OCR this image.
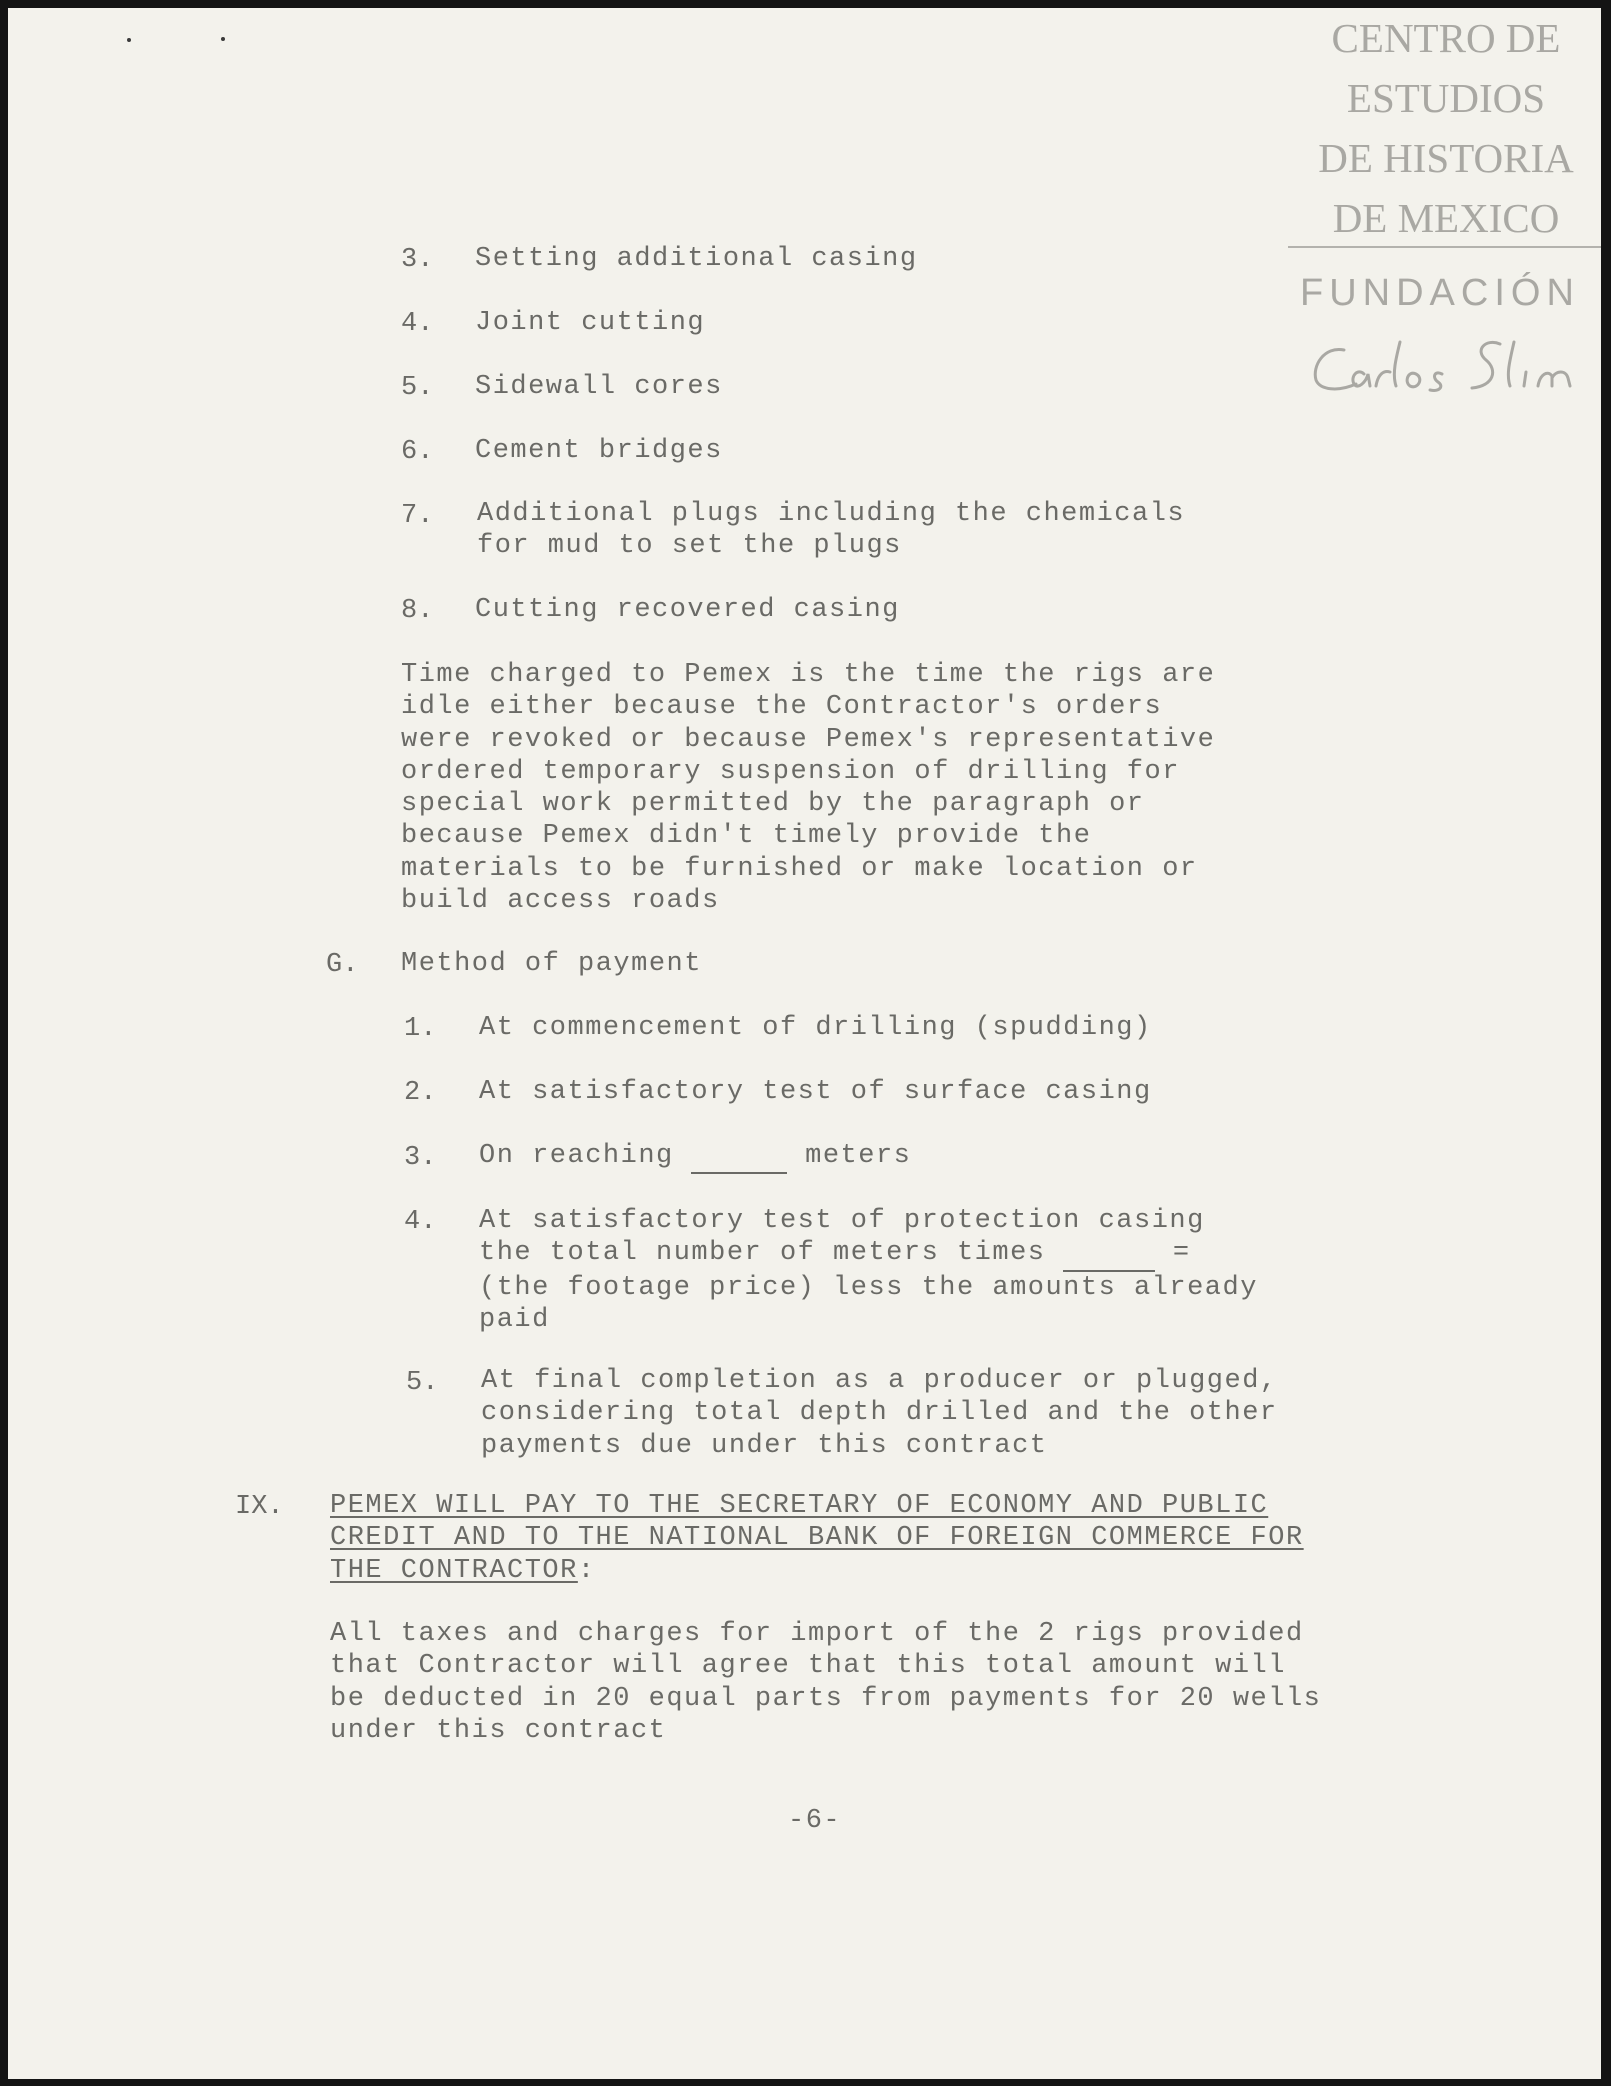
CENTRO DE
ESTUDIOS
DE HISTORIA
DE MEXICO
FUNDACIÓN
3. Setting additional casing
4. Joint cutting
5. Sidewall cores
6. Cement bridges
7. Additional plugs including the chemicals
for mud to set the plugs
8. Cutting recovered casing
Time charged to Pemex is the time the rigs are
idle either because the Contractor's orders
were revoked or because Pemex's representative
ordered temporary suspension of drilling for
special work permitted by the paragraph or
because Pemex didn't timely provide the
materials to be furnished or make location or
build access roads
G. Method of payment
1. At commencement of drilling (spudding)
2. At satisfactory test of surface casing
3. On reaching	meters
4. At satisfactory test of protection casing
the total number of meters times	=
(the footage price) less the amounts already
paid
5. At final completion as a producer or plugged,
considering total depth drilled and the other
payments due under this contract
IX. PEMEX WILL PAY TO THE SECRETARY OF ECONOMY AND PUBLIC
CREDIT AND TO THE NATIONAL BANK OF FOREIGN COMMERCE FOR
THE CONTRACTOR:
All taxes and charges for import of the 2 rigs provided
that Contractor will agree that this total amount will
be deducted in 20 equal parts from payments for 20 wells
under this contract
-6-
